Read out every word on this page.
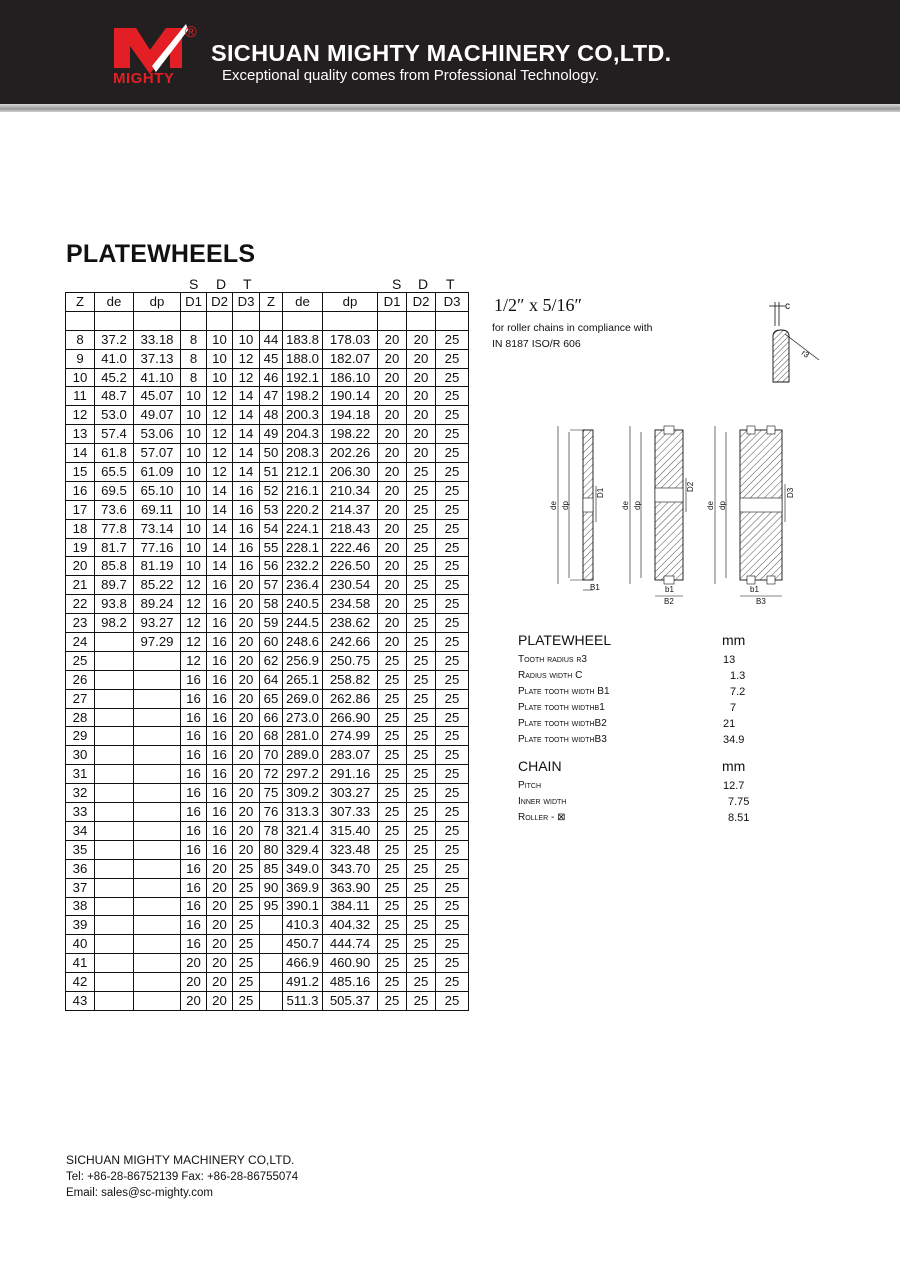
MIGHTY
®
SICHUAN MIGHTY MACHINERY CO,LTD.
Exceptional quality comes from Professional Technology.
PLATEWHEELS
S D T	S D T
Z	de	dp	D1	D2	D3	Z	de	dp	D1	D2	D3

8	37.2	33.18	8	10	10	44	183.8	178.03	20	20	25
9	41.0	37.13	8	10	12	45	188.0	182.07	20	20	25
10	45.2	41.10	8	10	12	46	192.1	186.10	20	20	25
11	48.7	45.07	10	12	14	47	198.2	190.14	20	20	25
12	53.0	49.07	10	12	14	48	200.3	194.18	20	20	25
13	57.4	53.06	10	12	14	49	204.3	198.22	20	20	25
14	61.8	57.07	10	12	14	50	208.3	202.26	20	20	25
15	65.5	61.09	10	12	14	51	212.1	206.30	20	25	25
16	69.5	65.10	10	14	16	52	216.1	210.34	20	25	25
17	73.6	69.11	10	14	16	53	220.2	214.37	20	25	25
18	77.8	73.14	10	14	16	54	224.1	218.43	20	25	25
19	81.7	77.16	10	14	16	55	228.1	222.46	20	25	25
20	85.8	81.19	10	14	16	56	232.2	226.50	20	25	25
21	89.7	85.22	12	16	20	57	236.4	230.54	20	25	25
22	93.8	89.24	12	16	20	58	240.5	234.58	20	25	25
23	98.2	93.27	12	16	20	59	244.5	238.62	20	25	25
24		97.29	12	16	20	60	248.6	242.66	20	25	25
25			12	16	20	62	256.9	250.75	25	25	25
26			16	16	20	64	265.1	258.82	25	25	25
27			16	16	20	65	269.0	262.86	25	25	25
28			16	16	20	66	273.0	266.90	25	25	25
29			16	16	20	68	281.0	274.99	25	25	25
30			16	16	20	70	289.0	283.07	25	25	25
31			16	16	20	72	297.2	291.16	25	25	25
32			16	16	20	75	309.2	303.27	25	25	25
33			16	16	20	76	313.3	307.33	25	25	25
34			16	16	20	78	321.4	315.40	25	25	25
35			16	16	20	80	329.4	323.48	25	25	25
36			16	20	25	85	349.0	343.70	25	25	25
37			16	20	25	90	369.9	363.90	25	25	25
38			16	20	25	95	390.1	384.11	25	25	25
39			16	20	25		410.3	404.32	25	25	25
40			16	20	25		450.7	444.74	25	25	25
41			20	20	25		466.9	460.90	25	25	25
42			20	20	25		491.2	485.16	25	25	25
43			20	20	25		511.3	505.37	25	25	25
1/2″ x 5/16″
for roller chains in compliance with
IN 8187 ISO/R 606
c
r3
de dp
D1
B1
de dp
D2
b1
B2
de dp
D3
b1
B3
PLATEWHEEL	mm
Tooth radius r3	13
Radius width C	1.3
Plate tooth width B1	7.2
Plate tooth widthb1	7
Plate tooth widthB2	21
Plate tooth widthB3	34.9
CHAIN	mm
Pitch	12.7
Inner width	7.75
Roller - ⊠	8.51
SICHUAN MIGHTY MACHINERY CO,LTD.
Tel: +86-28-86752139 Fax: +86-28-86755074
Email: sales@sc-mighty.com
